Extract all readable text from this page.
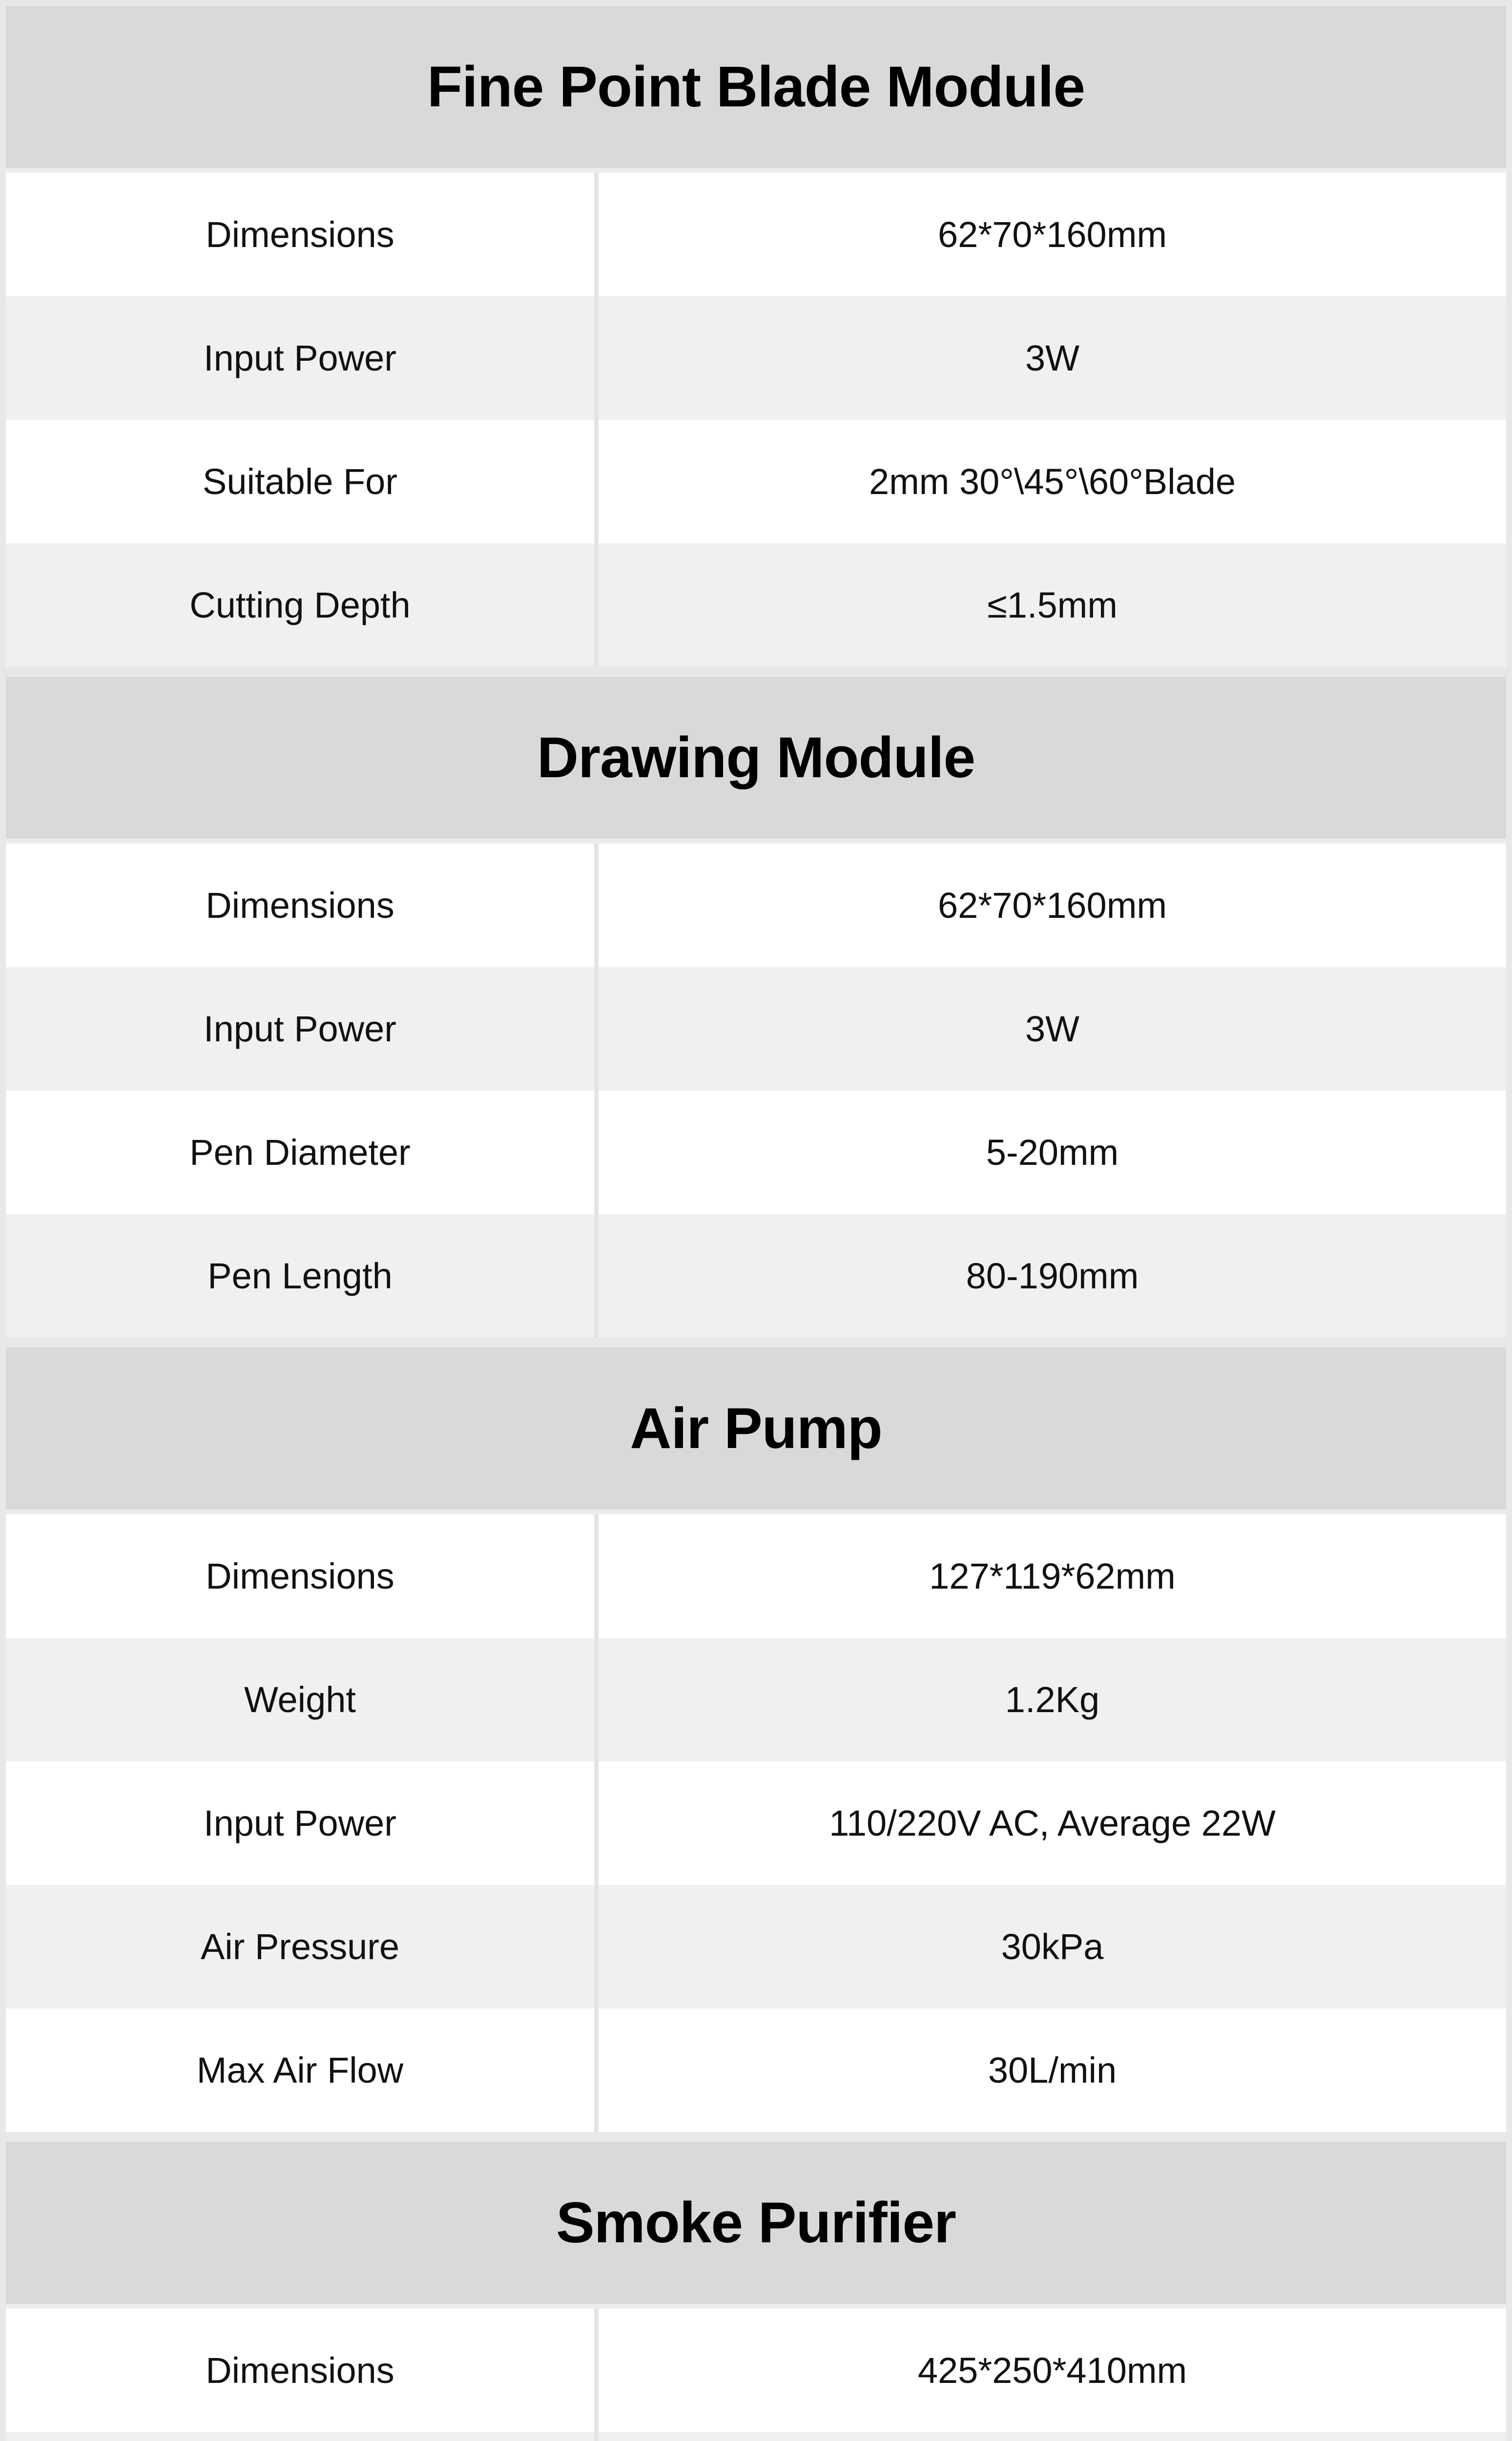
Fine Point Blade Module
Dimensions	62*70*160mm
Input Power	3W
Suitable For	2mm 30°\45°\60°Blade
Cutting Depth	≤1.5mm
Drawing Module
Dimensions	62*70*160mm
Input Power	3W
Pen Diameter	5-20mm
Pen Length	80-190mm
Air Pump
Dimensions	127*119*62mm
Weight	1.2Kg
Input Power	110/220V AC, Average 22W
Air Pressure	30kPa
Max Air Flow	30L/min
Smoke Purifier
Dimensions	425*250*410mm
